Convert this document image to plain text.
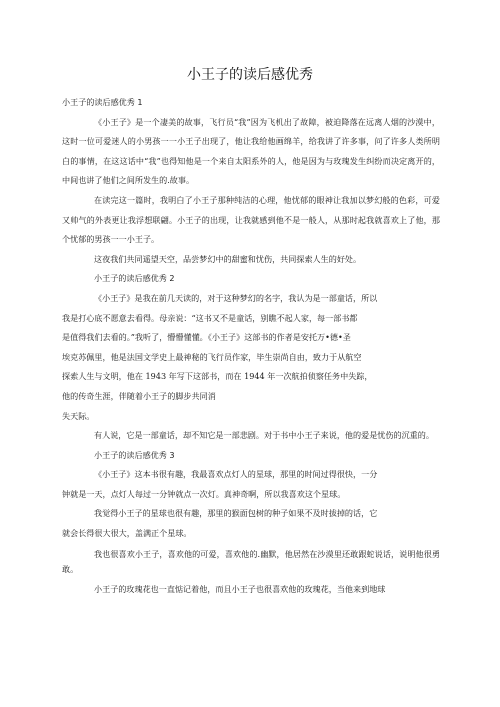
小王子的读后感优秀
小王子的读后感优秀 1
《小王子》是一个凄美的故事，飞行员“我”因为飞机出了故障，被迫降落在远离人烟的沙漠中，这时一位可爱迷人的小男孩一一小王子出现了，他让我给他画绵羊，给我讲了许多事，问了许多人类所明白的事情，在这这话中“我”也得知他是一个来自太阳系外的人，他是因为与玫瑰发生纠纷而决定离开的，中间也讲了他们之间所发生的.故事。
在读完这一篇时，我明白了小王子那种纯洁的心理，他忧郁的眼神让我加以梦幻般的色彩，可爱又帅气的外表更让我浮想联翩。小王子的出现，让我就感到他不是一般人，从那时起我就喜欢上了他，那个忧郁的男孩一一小王子。
这夜我们共同遥望天空，品尝梦幻中的甜蜜和忧伤，共同探索人生的好处。
小王子的读后感优秀 2
《小王子》是我在前几天读的，对于这种梦幻的名字，我认为是一部童话，所以
我是打心底不愿意去看得。母亲说：“这书又不是童话，别瞧不起人家，每一部书都
是值得我们去看的。”我听了，懵懵懂懂。《小王子》这部书的作者是安托万•德•圣
埃克苏佩里，他是法国文学史上最神秘的飞行员作家，毕生崇尚自由，致力于从航空
探索人生与文明，他在 1943 年写下这部书，而在 1944 年一次航拍侦察任务中失踪，
他的传奇生涯，伴随着小王子的脚步共同消
失天际。
有人说，它是一部童话，却不知它是一部悲剧。对于书中小王子来说，他的爱是忧伤的沉重的。
小王子的读后感优秀 3
《小王子》这本书很有趣，我最喜欢点灯人的星球，那里的时间过得很快，一分
钟就是一天，点灯人每过一分钟就点一次灯。真神奇啊，所以我喜欢这个星球。
我觉得小王子的星球也很有趣，那里的猴面包树的种子如果不及时拔掉的话，它
就会长得很大很大，盖满正个星球。
我也很喜欢小王子，喜欢他的可爱，喜欢他的.幽默，他居然在沙漠里还敢跟蛇说话，说明他很勇敢。
小王子的玫瑰花也一直惦记着他，而且小王子也很喜欢他的玫瑰花，当他来到地球
